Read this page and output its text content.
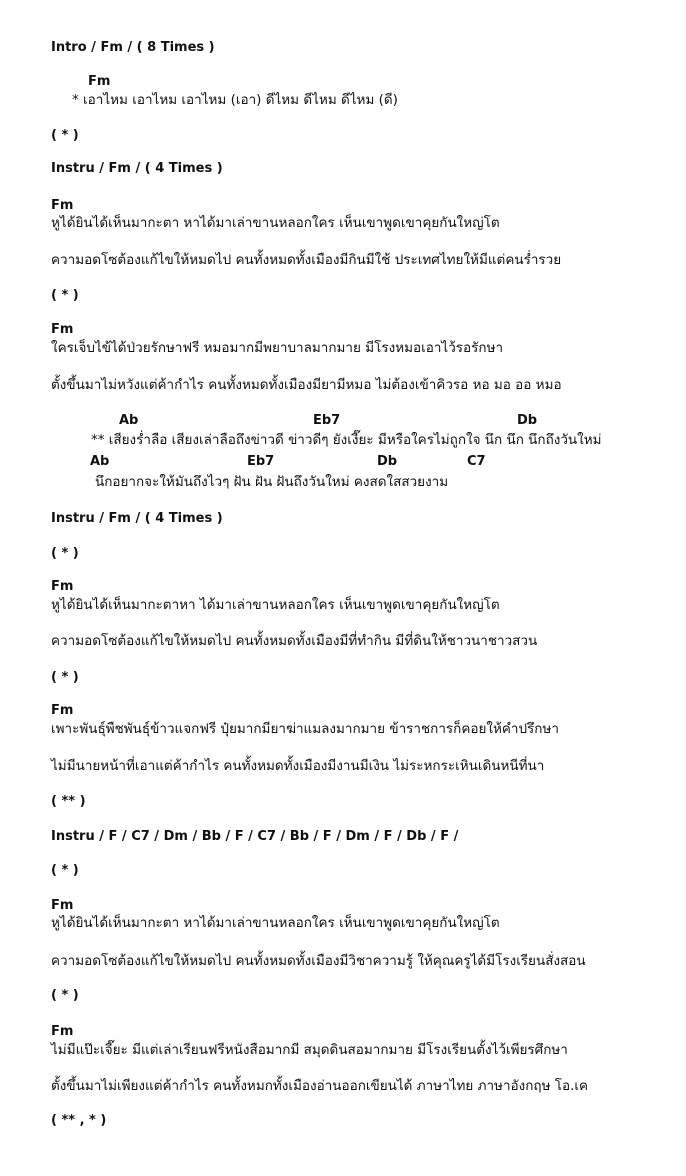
Intro / Fm / ( 8 Times )
Fm
* เอาไหม เอาไหม เอาไหม (เอา) ดีไหม ดีไหม ดีไหม (ดี)
( * )
Instru / Fm / ( 4 Times )
Fm
หูได้ยินได้เห็นมากะตา หาได้มาเล่าขานหลอกใคร เห็นเขาพูดเขาคุยกันใหญ่โต
ความอดโซต้องแก้ไขให้หมดไป คนทั้งหมดทั้งเมืองมีกินมีใช้ ประเทศไทยให้มีแต่คนร่ำรวย
( * )
Fm
ใครเจ็บไข้ได้ป่วยรักษาฟรี หมอมากมีพยาบาลมากมาย มีโรงหมอเอาไว้รอรักษา
ตั้งขึ้นมาไม่หวังแต่ค้ากำไร คนทั้งหมดทั้งเมืองมียามีหมอ ไม่ต้องเข้าคิวรอ หอ มอ ออ หมอ
Ab	Eb7	Db
** เสียงร่ำลือ เสียงเล่าลือถึงข่าวดี ข่าวดีๆ ยังเงี๊ยะ มีหรือใครไม่ถูกใจ นึก นึก นึกถึงวันใหม่
Ab	Eb7	Db	C7
นึกอยากจะให้มันถึงไวๆ ฝัน ฝัน ฝันถึงวันใหม่ คงสดใสสวยงาม
Instru / Fm / ( 4 Times )
( * )
Fm
หูได้ยินได้เห็นมากะตาหา ได้มาเล่าขานหลอกใคร เห็นเขาพูดเขาคุยกันใหญ่โต
ความอดโซต้องแก้ไขให้หมดไป คนทั้งหมดทั้งเมืองมีที่ทำกิน มีที่ดินให้ชาวนาชาวสวน
( * )
Fm
เพาะพันธุ์พืชพันธุ์ข้าวแจกฟรี ปุ๋ยมากมียาฆ่าแมลงมากมาย ข้าราชการก็คอยให้คำปรึกษา
ไม่มีนายหน้าที่เอาแต่ค้ากำไร คนทั้งหมดทั้งเมืองมีงานมีเงิน ไม่ระหกระเหินเดินหนีที่นา
( ** )
Instru / F / C7 / Dm / Bb / F / C7 / Bb / F / Dm / F / Db / F /
( * )
Fm
หูได้ยินได้เห็นมากะตา หาได้มาเล่าขานหลอกใคร เห็นเขาพูดเขาคุยกันใหญ่โต
ความอดโซต้องแก้ไขให้หมดไป คนทั้งหมดทั้งเมืองมีวิชาความรู้ ให้คุณครูได้มีโรงเรียนสั่งสอน
( * )
Fm
ไม่มีแป๊ะเจี๊ยะ มีแต่เล่าเรียนฟรีหนังสือมากมี สมุดดินสอมากมาย มีโรงเรียนตั้งไว้เพียรศึกษา
ตั้งขึ้นมาไม่เพียงแต่ค้ากำไร คนทั้งหมกทั้งเมืองอ่านออกเขียนได้ ภาษาไทย ภาษาอังกฤษ โอ.เค
( ** , * )
